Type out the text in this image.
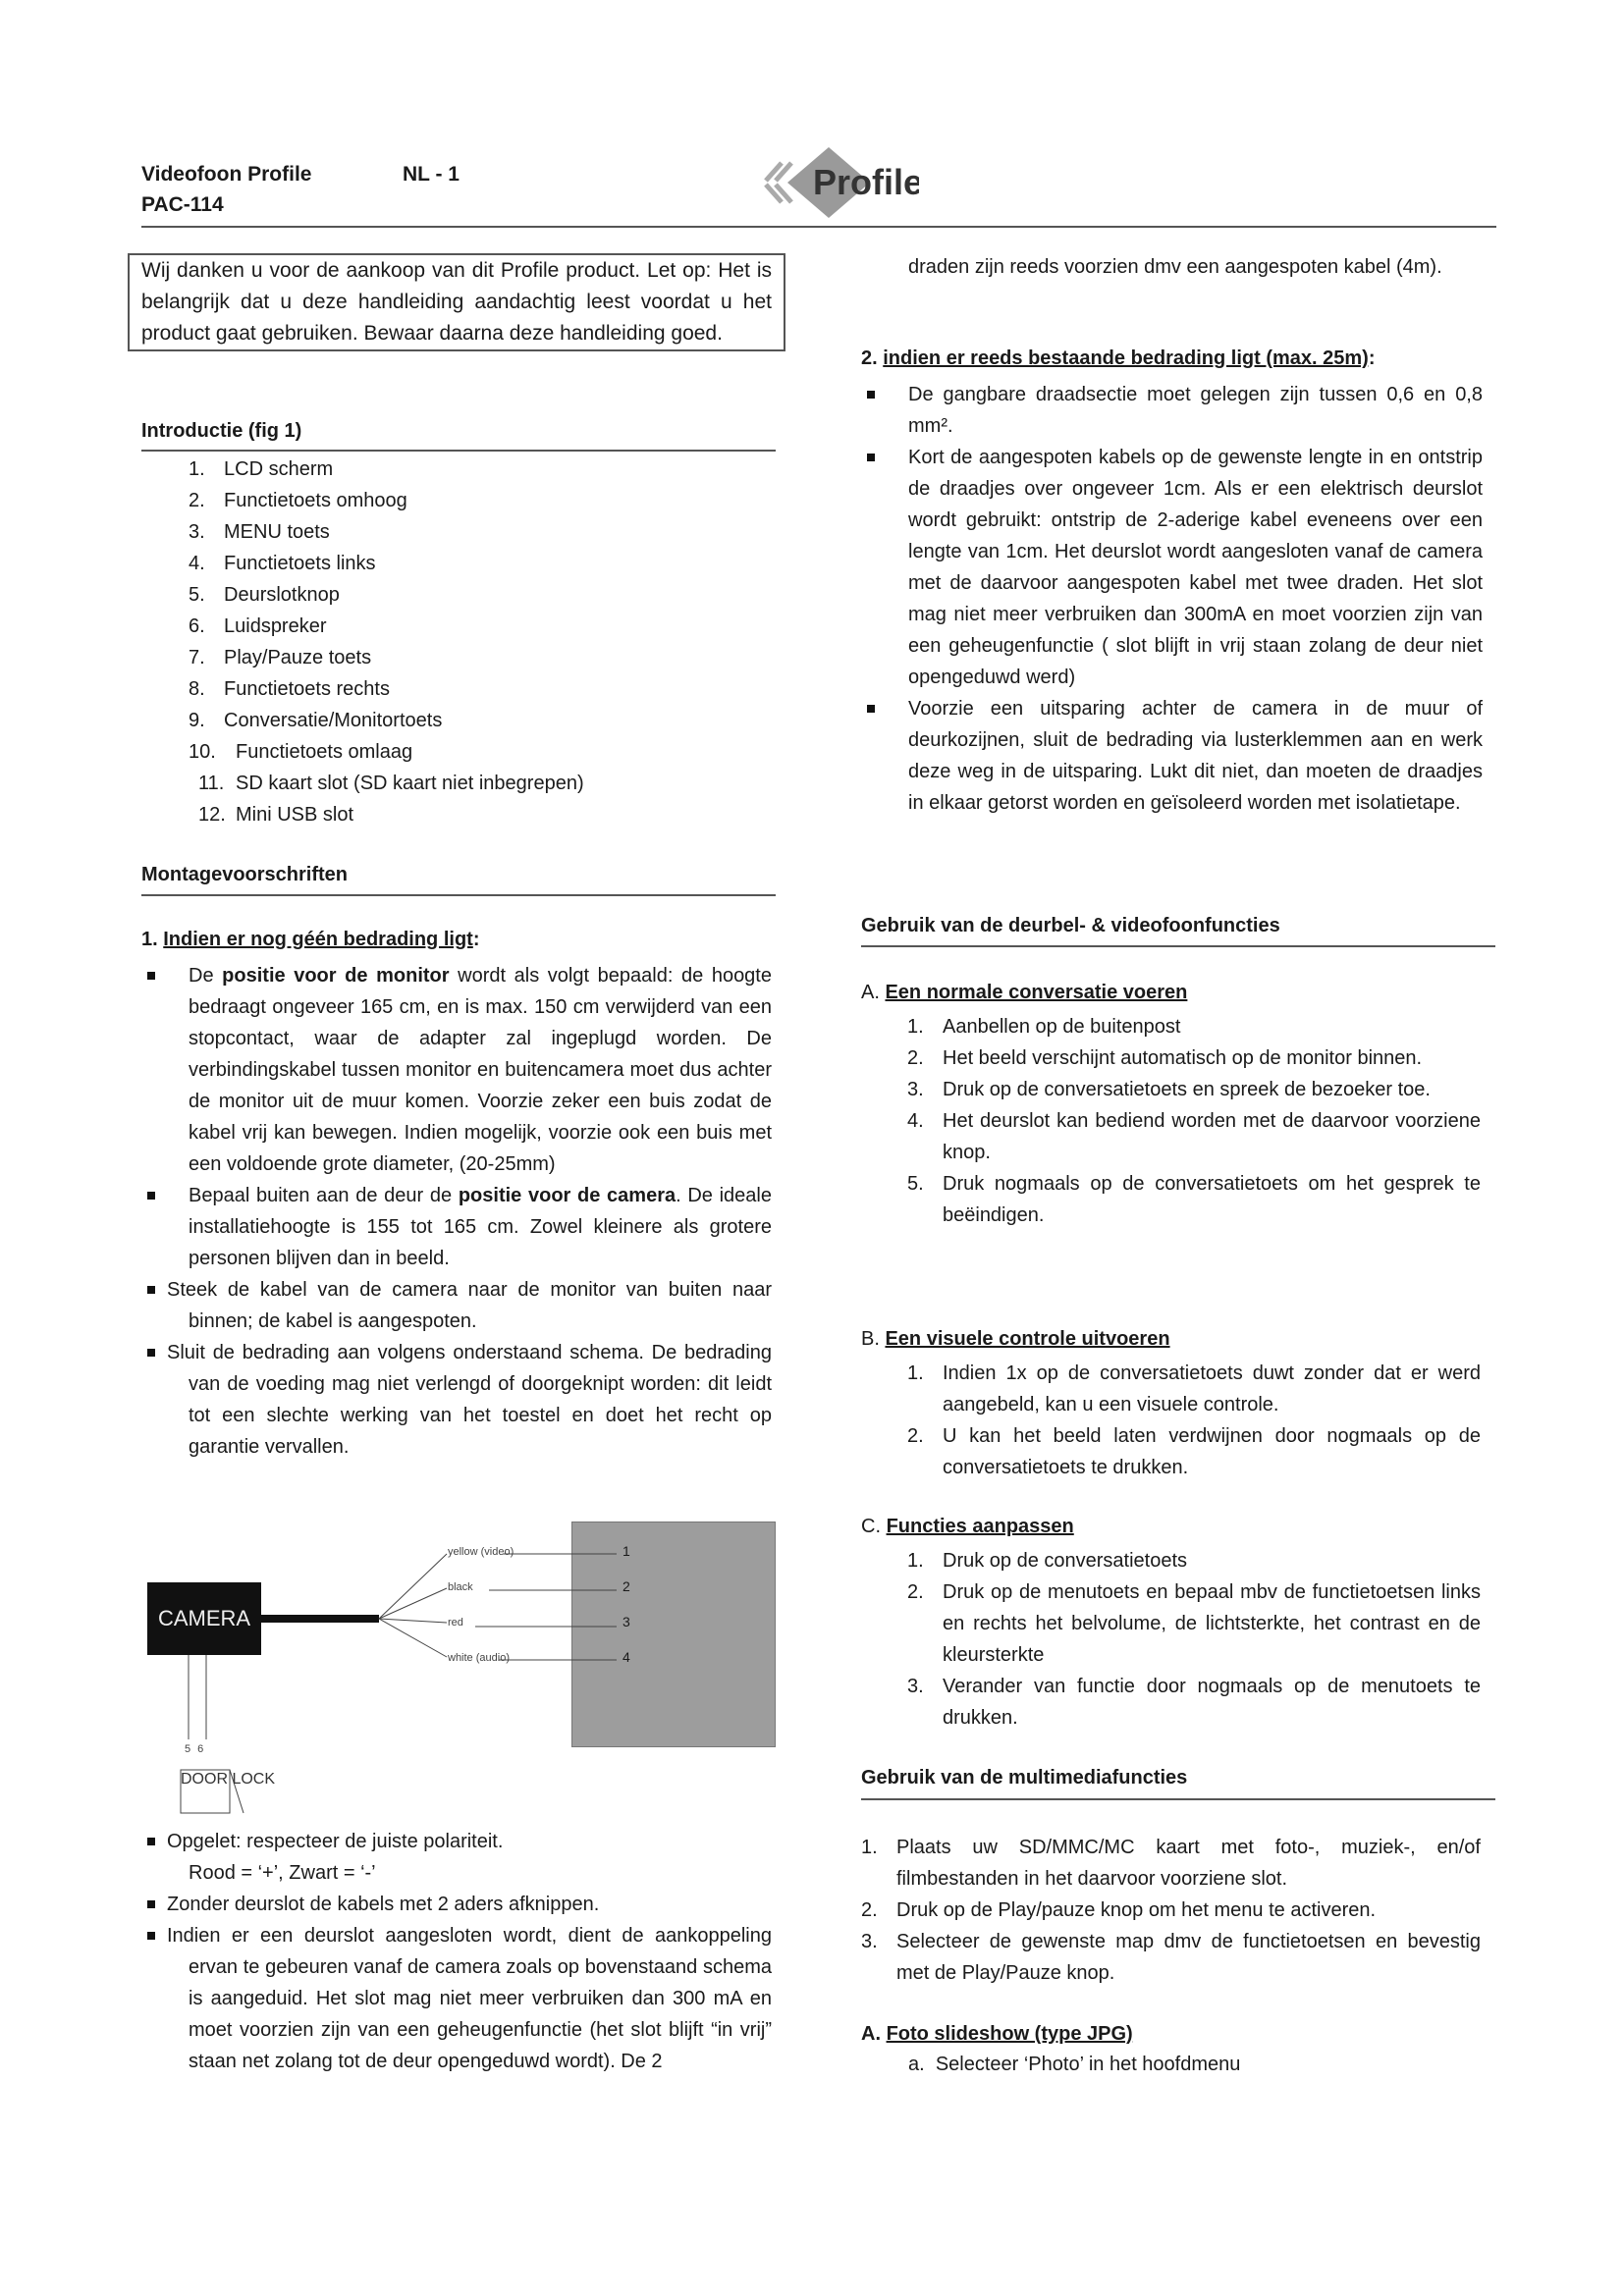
Videofoon Profile	NL - 1
PAC-114
Profile
Wij danken u voor de aankoop van dit Profile product. Let op: Het is belangrijk dat u deze handleiding aandachtig leest voordat u het product gaat gebruiken. Bewaar daarna deze handleiding goed.
Introductie (fig 1)
1. LCD scherm
2. Functietoets omhoog
3. MENU toets
4. Functietoets links
5. Deurslotknop
6. Luidspreker
7. Play/Pauze toets
8. Functietoets rechts
9. Conversatie/Monitortoets
10. Functietoets omlaag
11. SD kaart slot (SD kaart niet inbegrepen)
12. Mini USB slot
Montagevoorschriften
1. Indien er nog géén bedrading ligt:
De positie voor de monitor wordt als volgt bepaald: de hoogte bedraagt ongeveer 165 cm, en is max. 150 cm verwijderd van een stopcontact, waar de adapter zal ingeplugd worden. De verbindingskabel tussen monitor en buitencamera moet dus achter de monitor uit de muur komen. Voorzie zeker een buis zodat de kabel vrij kan bewegen. Indien mogelijk, voorzie ook een buis met een voldoende grote diameter, (20-25mm)
Bepaal buiten aan de deur de positie voor de camera. De ideale installatiehoogte is 155 tot 165 cm. Zowel kleinere als grotere personen blijven dan in beeld.
Steek de kabel van de camera naar de monitor van buiten naar binnen; de kabel is aangespoten.
Sluit de bedrading aan volgens onderstaand schema. De bedrading van de voeding mag niet verlengd of doorgeknipt worden: dit leidt tot een slechte werking van het toestel en doet het recht op garantie vervallen.
CAMERA
yellow (video)
black
red
white (audio)
1
2
3
4
5 6
DOOR LOCK
Opgelet: respecteer de juiste polariteit.
Rood = ‘+’, Zwart = ‘-’
Zonder deurslot de kabels met 2 aders afknippen.
Indien er een deurslot aangesloten wordt, dient de aankoppeling ervan te gebeuren vanaf de camera zoals op bovenstaand schema is aangeduid. Het slot mag niet meer verbruiken dan 300 mA en moet voorzien zijn van een geheugenfunctie (het slot blijft “in vrij” staan net zolang tot de deur opengeduwd wordt). De 2
draden zijn reeds voorzien dmv een aangespoten kabel (4m).
2. indien er reeds bestaande bedrading ligt (max. 25m):
De gangbare draadsectie moet gelegen zijn tussen 0,6 en 0,8 mm².
Kort de aangespoten kabels op de gewenste lengte in en ontstrip de draadjes over ongeveer 1cm. Als er een elektrisch deurslot wordt gebruikt: ontstrip de 2-aderige kabel eveneens over een lengte van 1cm. Het deurslot wordt aangesloten vanaf de camera met de daarvoor aangespoten kabel met twee draden. Het slot mag niet meer verbruiken dan 300mA en moet voorzien zijn van een geheugenfunctie ( slot blijft in vrij staan zolang de deur niet opengeduwd werd)
Voorzie een uitsparing achter de camera in de muur of deurkozijnen, sluit de bedrading via lusterklemmen aan en werk deze weg in de uitsparing. Lukt dit niet, dan moeten de draadjes in elkaar getorst worden en geïsoleerd worden met isolatietape.
Gebruik van de deurbel- & videofoonfuncties
A. Een normale conversatie voeren
1. Aanbellen op de buitenpost
2. Het beeld verschijnt automatisch op de monitor binnen.
3. Druk op de conversatietoets en spreek de bezoeker toe.
4. Het deurslot kan bediend worden met de daarvoor voorziene knop.
5. Druk nogmaals op de conversatietoets om het gesprek te beëindigen.
B. Een visuele controle uitvoeren
1. Indien 1x op de conversatietoets duwt zonder dat er werd aangebeld, kan u een visuele controle.
2. U kan het beeld laten verdwijnen door nogmaals op de conversatietoets te drukken.
C. Functies aanpassen
1. Druk op de conversatietoets
2. Druk op de menutoets en bepaal mbv de functietoetsen links en rechts het belvolume, de lichtsterkte, het contrast en de kleursterkte
3. Verander van functie door nogmaals op de menutoets te drukken.
Gebruik van de multimediafuncties
1. Plaats uw SD/MMC/MC kaart met foto-, muziek-, en/of filmbestanden in het daarvoor voorziene slot.
2. Druk op de Play/pauze knop om het menu te activeren.
3. Selecteer de gewenste map dmv de functietoetsen en bevestig met de Play/Pauze knop.
A. Foto slideshow (type JPG)
a. Selecteer ‘Photo’ in het hoofdmenu
